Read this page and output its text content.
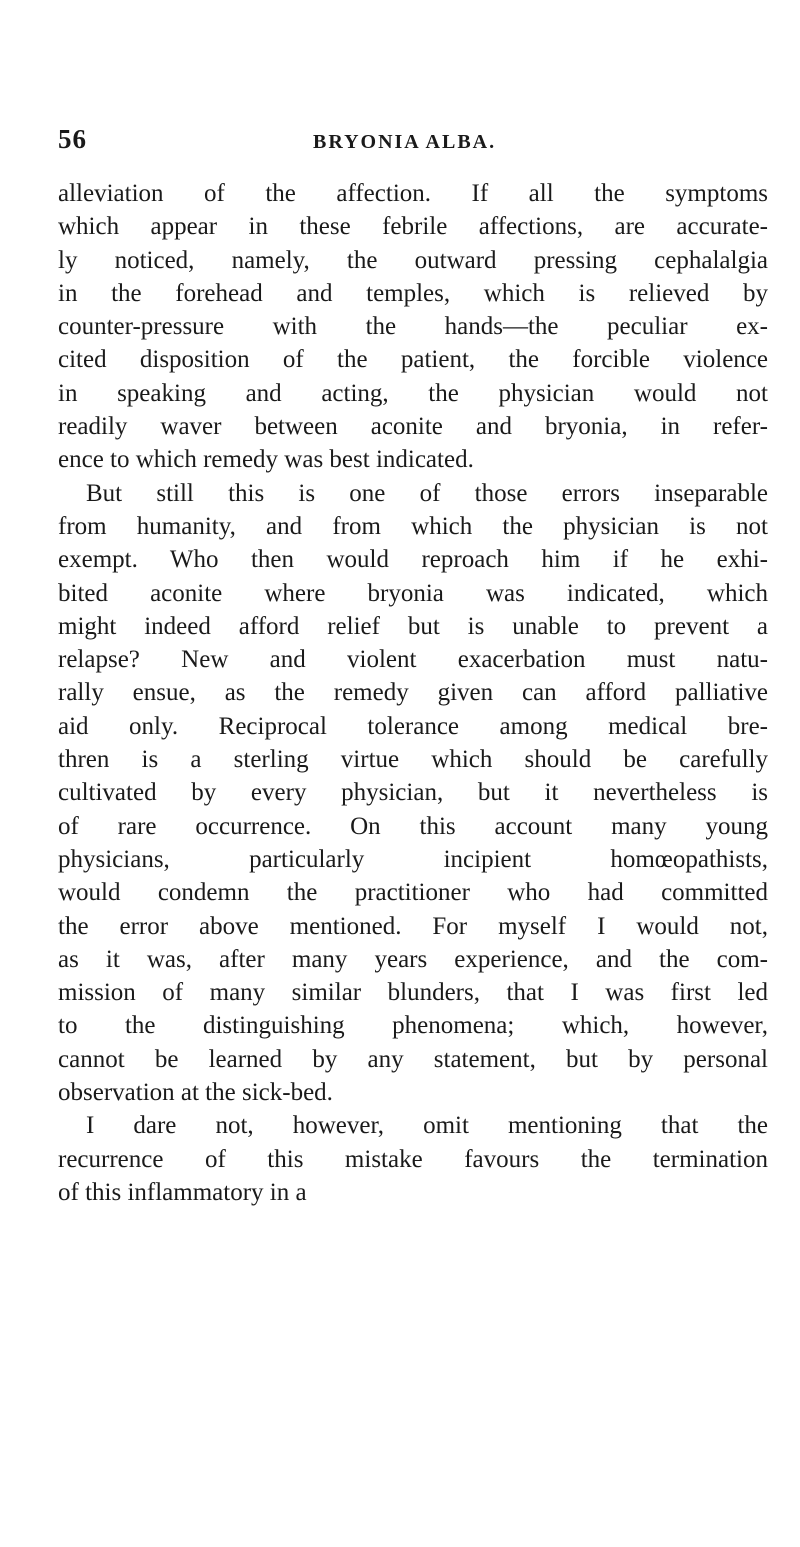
56	BRYONIA ALBA.
alleviation of the affection. If all the symptoms
which appear in these febrile affections, are accurate-
ly noticed, namely, the outward pressing cephalalgia
in the forehead and temples, which is relieved by
counter-pressure with the hands—the peculiar ex-
cited disposition of the patient, the forcible violence
in speaking and acting, the physician would not
readily waver between aconite and bryonia, in refer-
ence to which remedy was best indicated.
But still this is one of those errors inseparable
from humanity, and from which the physician is not
exempt. Who then would reproach him if he exhi-
bited aconite where bryonia was indicated, which
might indeed afford relief but is unable to prevent a
relapse? New and violent exacerbation must natu-
rally ensue, as the remedy given can afford palliative
aid only. Reciprocal tolerance among medical bre-
thren is a sterling virtue which should be carefully
cultivated by every physician, but it nevertheless is
of rare occurrence. On this account many young
physicians, particularly incipient homœopathists,
would condemn the practitioner who had committed
the error above mentioned. For myself I would not,
as it was, after many years experience, and the com-
mission of many similar blunders, that I was first led
to the distinguishing phenomena; which, however,
cannot be learned by any statement, but by personal
observation at the sick-bed.
I dare not, however, omit mentioning that the
recurrence of this mistake favours the termination
of this inflammatory in a
